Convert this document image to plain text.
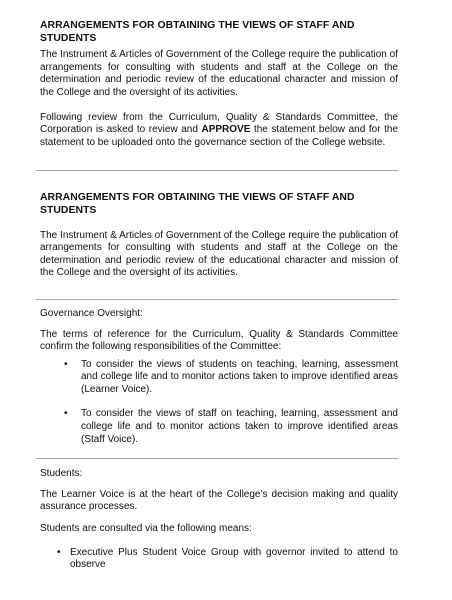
ARRANGEMENTS FOR OBTAINING THE VIEWS OF STAFF AND STUDENTS

The Instrument & Articles of Government of the College require the publication of arrangements for consulting with students and staff at the College on the determination and periodic review of the educational character and mission of the College and the oversight of its activities.

Following review from the Curriculum, Quality & Standards Committee, the Corporation is asked to review and APPROVE the statement below and for the statement to be uploaded onto the governance section of the College website.

ARRANGEMENTS FOR OBTAINING THE VIEWS OF STAFF AND STUDENTS

The Instrument & Articles of Government of the College require the publication of arrangements for consulting with students and staff at the College on the determination and periodic review of the educational character and mission of the College and the oversight of its activities.

Governance Oversight:

The terms of reference for the Curriculum, Quality & Standards Committee confirm the following responsibilities of the Committee:

• To consider the views of students on teaching, learning, assessment and college life and to monitor actions taken to improve identified areas (Learner Voice).
• To consider the views of staff on teaching, learning, assessment and college life and to monitor actions taken to improve identified areas (Staff Voice).

Students:

The Learner Voice is at the heart of the College’s decision making and quality assurance processes.

Students are consulted via the following means:

• Executive Plus Student Voice Group with governor invited to attend to observe
